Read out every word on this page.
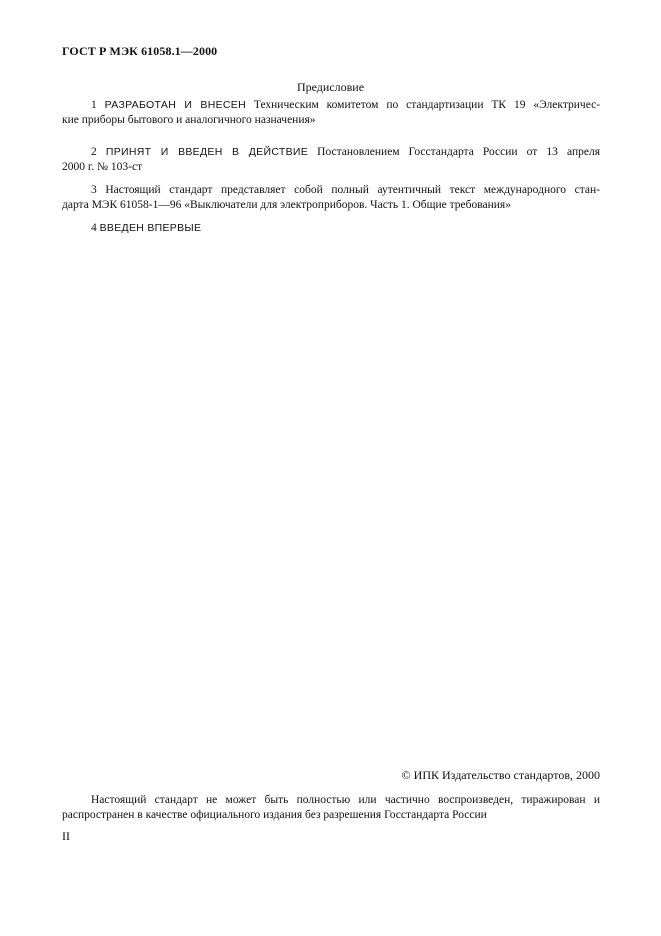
ГОСТ Р МЭК 61058.1—2000
Предисловие
1 РАЗРАБОТАН И ВНЕСЕН Техническим комитетом по стандартизации ТК 19 «Электричес-
кие приборы бытового и аналогичного назначения»
2 ПРИНЯТ И ВВЕДЕН В ДЕЙСТВИЕ Постановлением Госстандарта России от 13 апреля
2000 г. № 103-ст
3 Настоящий стандарт представляет собой полный аутентичный текст международного стан-
дарта МЭК 61058-1—96 «Выключатели для электроприборов. Часть 1. Общие требования»
4 ВВЕДЕН ВПЕРВЫЕ
© ИПК Издательство стандартов, 2000
Настоящий стандарт не может быть полностью или частично воспроизведен, тиражирован и
распространен в качестве официального издания без разрешения Госстандарта России
II
